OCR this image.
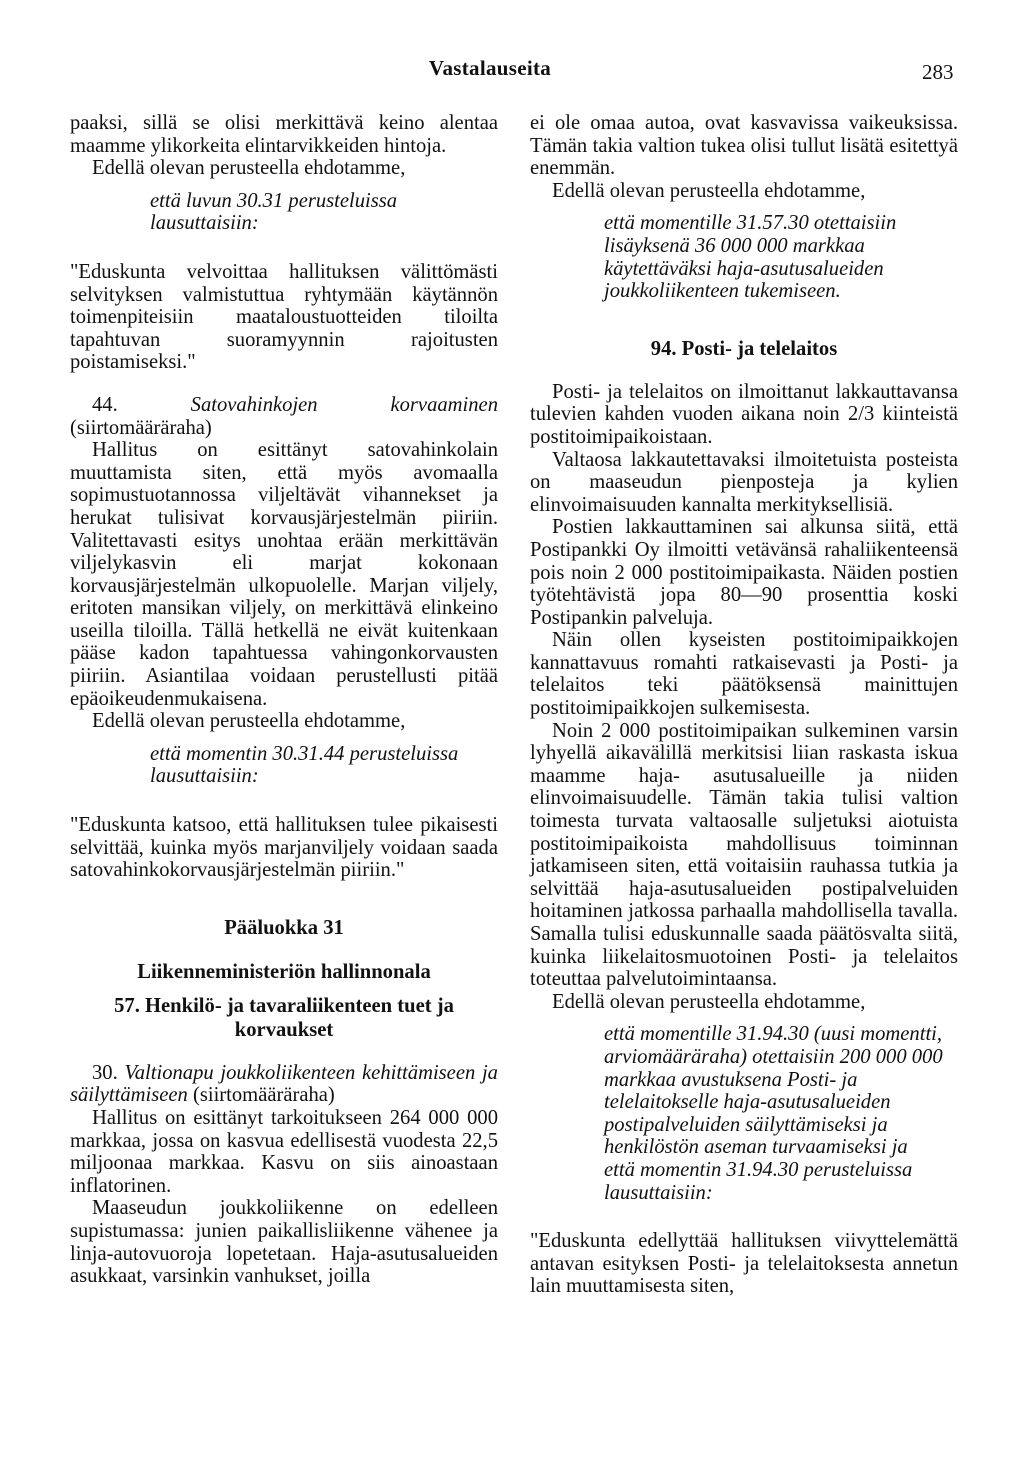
Vastalauseita	283

paaksi, sillä se olisi merkittävä keino alentaa maamme ylikorkeita elintarvikkeiden hintoja.

Edellä olevan perusteella ehdotamme,

että luvun 30.31 perusteluissa lausuttaisiin:

"Eduskunta velvoittaa hallituksen välittömästi selvityksen valmistuttua ryhtymään käytännön toimenpiteisiin maataloustuotteiden tiloilta tapahtuvan suoramyynnin rajoitusten poistamiseksi."

44.	Satovahinkojen korvaaminen (siirtomääräraha)

Hallitus on esittänyt satovahinkolain muuttamista siten, että myös avomaalla sopimustuotannossa viljeltävät vihannekset ja herukat tulisivat korvausjärjestelmän piiriin. Valitettavasti esitys unohtaa erään merkittävän viljelykasvin eli marjat kokonaan korvausjärjestelmän ulkopuolelle. Marjan viljely, eritoten mansikan viljely, on merkittävä elinkeino useilla tiloilla. Tällä hetkellä ne eivät kuitenkaan pääse kadon tapahtuessa vahingonkorvausten piiriin. Asiantilaa voidaan perustellusti pitää epäoikeudenmukaisena.

Edellä olevan perusteella ehdotamme,

että momentin 30.31.44 perusteluissa lausuttaisiin:

"Eduskunta katsoo, että hallituksen tulee pikaisesti selvittää, kuinka myös marjanviljely voidaan saada satovahinkokorvausjärjestelmän piiriin."

Pääluokka 31
Liikenneministeriön hallinnonala
57. Henkilö- ja tavaraliikenteen tuet ja korvaukset

30. Valtionapu joukkoliikenteen kehittämiseen ja säilyttämiseen (siirtomääräraha)

Hallitus on esittänyt tarkoitukseen 264 000 000 markkaa, jossa on kasvua edellisestä vuodesta 22,5 miljoonaa markkaa. Kasvu on siis ainoastaan inflatorinen.

Maaseudun joukkoliikenne on edelleen supistumassa: junien paikallisliikenne vähenee ja linja-autovuoroja lopetetaan. Haja-asutusalueiden asukkaat, varsinkin vanhukset, joilla

ei ole omaa autoa, ovat kasvavissa vaikeuksissa. Tämän takia valtion tukea olisi tullut lisätä esitettyä enemmän.

Edellä olevan perusteella ehdotamme,

että momentille 31.57.30 otettaisiin lisäyksenä 36 000 000 markkaa käytettäväksi haja-asutusalueiden joukkoliikenteen tukemiseen.

94. Posti- ja telelaitos

Posti- ja telelaitos on ilmoittanut lakkauttavansa tulevien kahden vuoden aikana noin 2/3 kiinteistä postitoimipaikoistaan.

Valtaosa lakkautettavaksi ilmoitetuista posteista on maaseudun pienposteja ja kylien elinvoimaisuuden kannalta merkityksellisiä.

Postien lakkauttaminen sai alkunsa siitä, että Postipankki Oy ilmoitti vetävänsä rahaliikenteensä pois noin 2 000 postitoimipaikasta. Näiden postien työtehtävistä jopa 80—90 prosenttia koski Postipankin palveluja.

Näin ollen kyseisten postitoimipaikkojen kannattavuus romahti ratkaisevasti ja Posti- ja telelaitos teki päätöksensä mainittujen postitoimipaikkojen sulkemisesta.

Noin 2 000 postitoimipaikan sulkeminen varsin lyhyellä aikavälillä merkitsisi liian raskasta iskua maamme haja- asutusalueille ja niiden elinvoimaisuudelle. Tämän takia tulisi valtion toimesta turvata valtaosalle suljetuksi aiotuista postitoimipaikoista mahdollisuus toiminnan jatkamiseen siten, että voitaisiin rauhassa tutkia ja selvittää haja-asutusalueiden postipalveluiden hoitaminen jatkossa parhaalla mahdollisella tavalla. Samalla tulisi eduskunnalle saada päätösvalta siitä, kuinka liikelaitosmuotoinen Posti- ja telelaitos toteuttaa palvelutoimintaansa.

Edellä olevan perusteella ehdotamme,

että momentille 31.94.30 (uusi momentti, arviomääräraha) otettaisiin 200 000 000 markkaa avustuksena Posti- ja telelaitokselle haja-asutusalueiden postipalveluiden säilyttämiseksi ja henkilöstön aseman turvaamiseksi ja

että momentin 31.94.30 perusteluissa lausuttaisiin:

"Eduskunta edellyttää hallituksen viivyttelemättä antavan esityksen Posti- ja telelaitoksesta annetun lain muuttamisesta siten,
